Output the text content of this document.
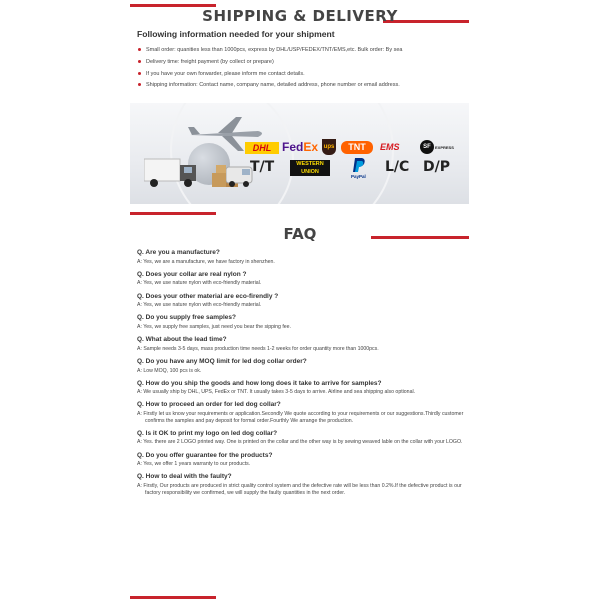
SHIPPING & DELIVERY
Following information needed for your shipment
Small order: quanities less than 1000pcs, express by DHL/USP/FEDEX/TNT/EMS,etc. Bulk order: By sea
Delivery time: freight payment (by collect or prepare)
If you have your own forwarder, please inform me contact details.
Shipping information: Contact name, company name, detailed address, phone number or email address.
DHL FedEx ups	TNT	EMS	SF	EXPRESS
T/T	WESTERN
UNION
PayPal
L/C D/P
FAQ
Q. Are you a manufacture?
A: Yes, we are a manufacture, we have factory in shenzhen.
Q. Does your collar are real nylon ?
A: Yes, we use nature nylon with eco-friendly material.
Q. Does your other material are eco-firendly ?
A: Yes, we use nature nylon with eco-friendly material.
Q. Do you supply free samples?
A: Yes, we supply free samples, just need you bear the sipping fee.
Q. What about the lead time?
A: Sample needs 3-5 days, mass production time needs 1-2 weeks for order quantity more than 1000pcs.
Q. Do you have any MOQ limit for led dog collar order?
A: Low MOQ, 100 pcs is ok.
Q. How do you ship the goods and how long does it take to arrive for samples?
A: We usually ship by DHL, UPS, FedEx or TNT. It usually takes 3-5 days to arrive. Airline and sea shipping also optional.
Q. How to proceed an order for led dog collar?
A: Firstly let us know your requirements or application.Secondly We quote according to your requirements or our suggestions.Thirdly customer confirms the samples and pay deposit for formal order.Fourthly We arrange the production.
Q. Is it OK to print my logo on led dog collar?
A: Yes. there are 2 LOGO printed way. One is printed on the collar and the other way is by sewing weaved lable on the collar with your LOGO.
Q. Do you offer guarantee for the products?
A: Yes, we offer 1 years warranty to our products.
Q. How to deal with the faulty?
A: Firstly, Our products are produced in strict quality control system and the defective rate will be less than 0.2%.If the defective product is our factory responsibility we confirmed, we will supply the faulty quantities in the next order.
